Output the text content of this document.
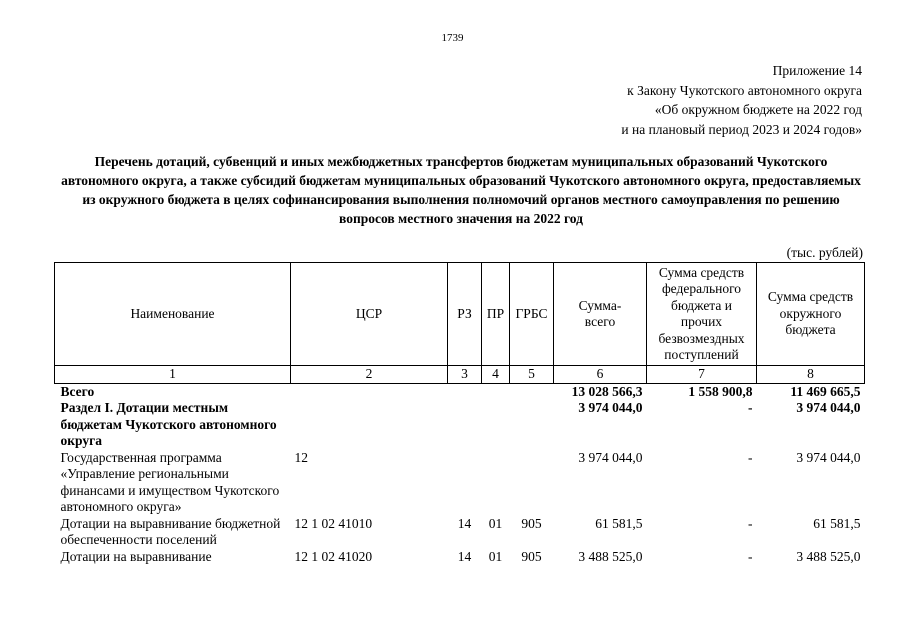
1739
Приложение 14
к Закону Чукотского автономного округа
«Об окружном бюджете на 2022 год
и на плановый период 2023 и 2024 годов»
Перечень дотаций, субвенций и иных межбюджетных трансфертов бюджетам муниципальных образований Чукотского автономного округа, а также субсидий бюджетам муниципальных образований Чукотского автономного округа, предоставляемых из окружного бюджета в целях софинансирования выполнения полномочий органов местного самоуправления по решению вопросов местного значения на 2022 год
(тыс. рублей)
Наименование	ЦСР	РЗ	ПР	ГРБС	Сумма-всего	Сумма средств федерального бюджета и прочих безвозмездных поступлений	Сумма средств окружного бюджета
1	2	3	4	5	6	7	8
Всего					13 028 566,3	1 558 900,8	11 469 665,5
Раздел I. Дотации местным бюджетам Чукотского автономного округа					3 974 044,0	-	3 974 044,0
Государственная программа «Управление региональными финансами и имуществом Чукотского автономного округа»	12				3 974 044,0	-	3 974 044,0
Дотации на выравнивание бюджетной обеспеченности поселений	12 1 02 41010	14	01	905	61 581,5	-	61 581,5
Дотации на выравнивание	12 1 02 41020	14	01	905	3 488 525,0	-	3 488 525,0
